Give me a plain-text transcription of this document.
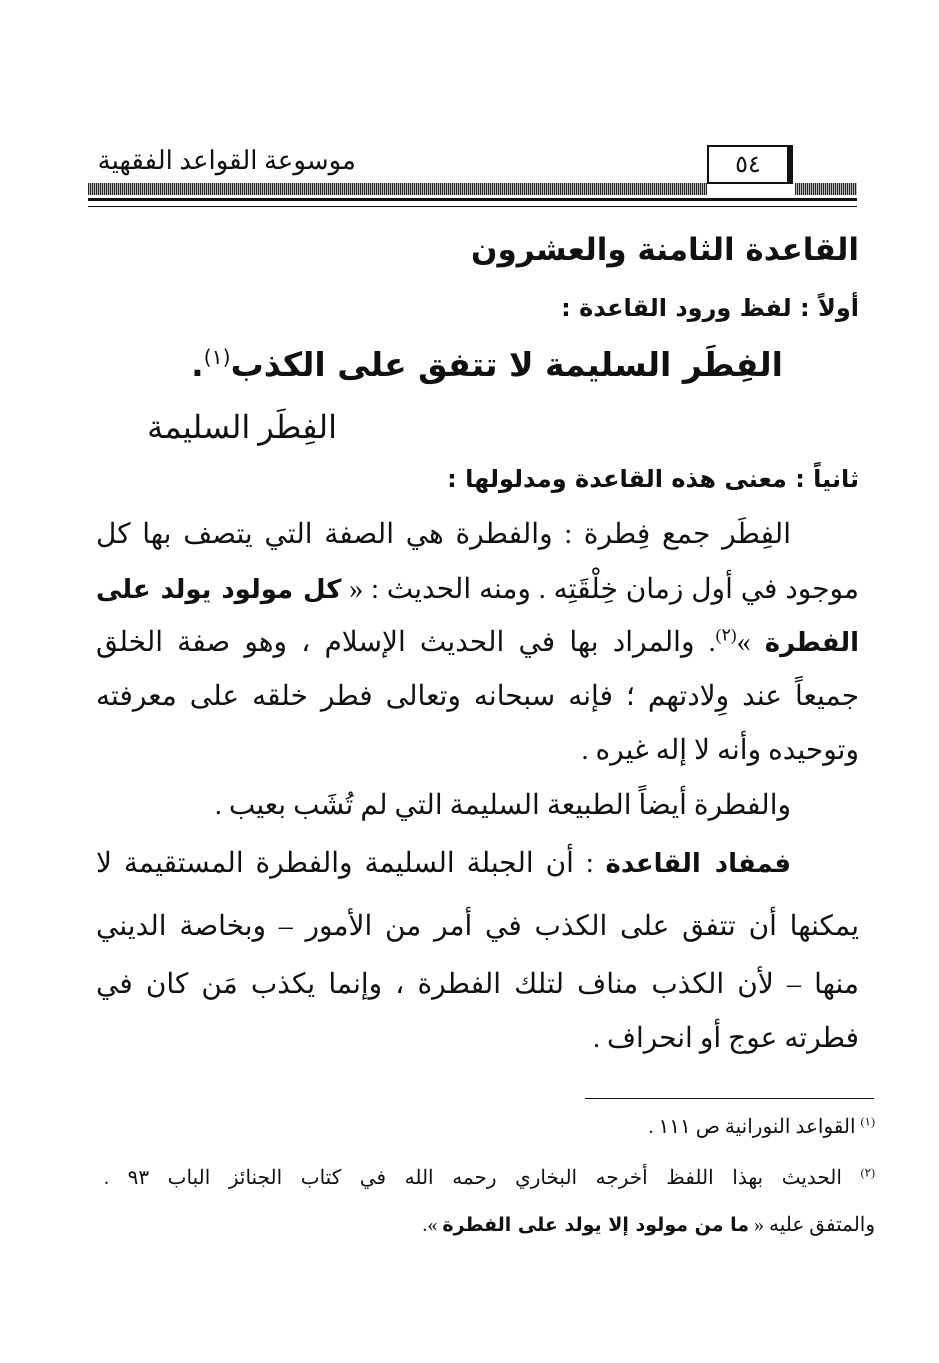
موسوعة القواعد الفقهية	٥٤
القاعدة الثامنة والعشرون
أولاً : لفظ ورود القاعدة :
الفِطَر السليمة لا تتفق على الكذب$^{(١)}$.
الفِطَر السليمة
ثانياً : معنى هذه القاعدة ومدلولها :
الفِطَر جمع فِطرة : والفطرة هي الصفة التي يتصف بها كل
موجود في أول زمان خِلْقَتِه . ومنه الحديث : « كل مولود يولد على
الفطرة »$^{(٢)}$. والمراد بها في الحديث الإسلام ، وهو صفة الخلق
جميعاً عند وِلادتهم ؛ فإنه سبحانه وتعالى فطر خلقه على معرفته
وتوحيده وأنه لا إله غيره .
والفطرة أيضاً الطبيعة السليمة التي لم تُشَب بعيب .
فمفاد القاعدة : أن الجبلة السليمة والفطرة المستقيمة لا
يمكنها أن تتفق على الكذب في أمر من الأمور – وبخاصة الديني
منها – لأن الكذب مناف لتلك الفطرة ، وإنما يكذب مَن كان في
فطرته عوج أو انحراف .
$^{(١)}$ القواعد النورانية ص ١١١ .
$^{(٢)}$ الحديث بهذا اللفظ أخرجه البخاري رحمه الله في كتاب الجنائز الباب ٩٣ .
والمتفق عليه « ما من مولود إلا يولد على الفطرة ».
